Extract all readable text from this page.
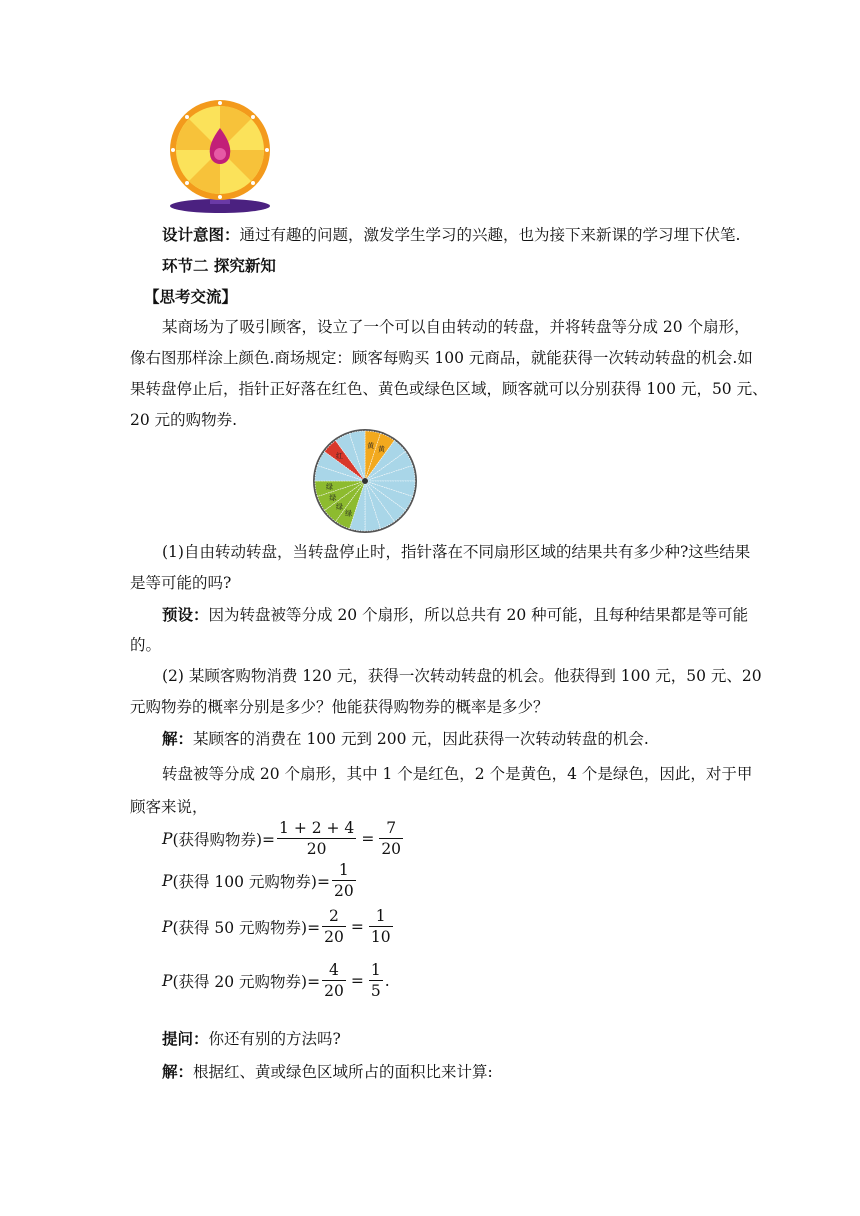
设计意图：通过有趣的问题，激发学生学习的兴趣，也为接下来新课的学习埋下伏笔.
环节二 探究新知
【思考交流】
某商场为了吸引顾客，设立了一个可以自由转动的转盘，并将转盘等分成 20 个扇形，
像右图那样涂上颜色.商场规定：顾客每购买 100 元商品，就能获得一次转动转盘的机会.如
果转盘停止后，指针正好落在红色、黄色或绿色区域，顾客就可以分别获得 100 元，50 元、
20 元的购物券.
黄 黄
绿
绿
绿
绿
红
(1)自由转动转盘，当转盘停止时，指针落在不同扇形区域的结果共有多少种?这些结果
是等可能的吗?
预设：因为转盘被等分成 20 个扇形，所以总共有 20 种可能，且每种结果都是等可能
的。
(2) 某顾客购物消费 120 元，获得一次转动转盘的机会。他获得到 100 元，50 元、20
元购物券的概率分别是多少？他能获得购物券的概率是多少？
解：某顾客的消费在 100 元到 200 元，因此获得一次转动转盘的机会.
转盘被等分成 20 个扇形，其中 1 个是红色，2 个是黄色，4 个是绿色，因此，对于甲
顾客来说，
P (获得购物券)= $\frac{1 + 2 + 4}{20} = \frac{7}{20}$
P (获得 100 元购物券)= $\frac{1}{20}$
P (获得 50 元购物券)= $\frac{2}{20} = \frac{1}{10}$
P (获得 20 元购物券)= $\frac{4}{20} = \frac{1}{5}$ .
提问：你还有别的方法吗?
解：根据红、黄或绿色区域所占的面积比来计算:
